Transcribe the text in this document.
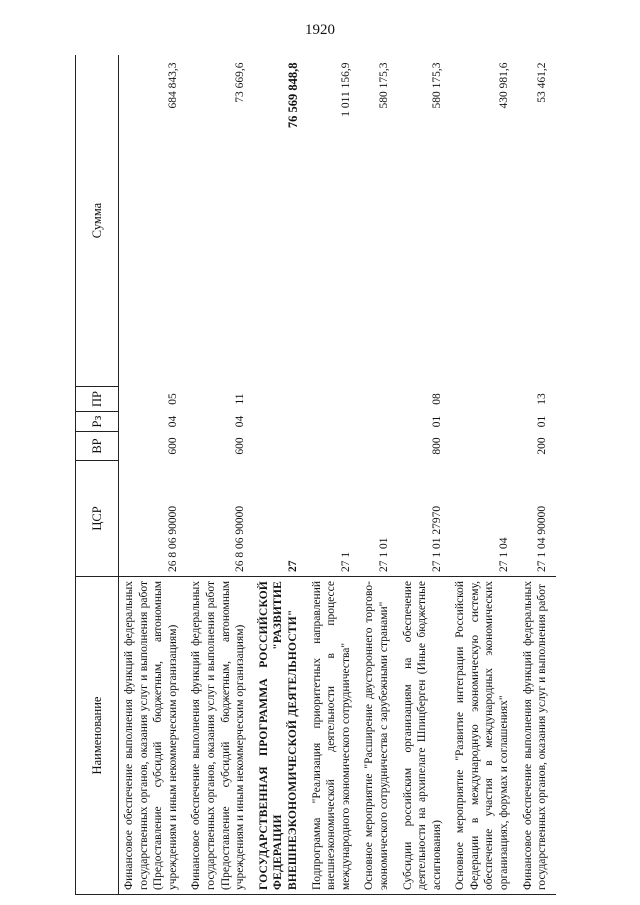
1920
Наименование	ЦСР	ВР	Рз	ПР	Сумма
Финансовое обеспечение выполнения функций федеральных государственных органов, оказания услуг и выполнения работ (Предоставление субсидий бюджетным, автономным учреждениям и иным некоммерческим организациям)	26 8 06 90000	600	04	05	684 843,3
Финансовое обеспечение выполнения функций федеральных государственных органов, оказания услуг и выполнения работ (Предоставление субсидий бюджетным, автономным учреждениям и иным некоммерческим организациям)	26 8 06 90000	600	04	11	73 669,6
ГОСУДАРСТВЕННАЯ ПРОГРАММА РОССИЙСКОЙ ФЕДЕРАЦИИ "РАЗВИТИЕ ВНЕШНЕЭКОНОМИЧЕСКОЙ ДЕЯТЕЛЬНОСТИ"	27				76 569 848,8
Подпрограмма "Реализация приоритетных направлений внешнеэкономической деятельности в процессе международного экономического сотрудничества"	27 1				1 011 156,9
Основное мероприятие "Расширение двустороннего торгово-экономического сотрудничества с зарубежными странами"	27 1 01				580 175,3
Субсидии российским организациям на обеспечение деятельности на архипелаге Шпицберген (Иные бюджетные ассигнования)	27 1 01 27970	800	01	08	580 175,3
Основное мероприятие "Развитие интеграции Российской Федерации в международную экономическую систему, обеспечение участия в международных экономических организациях, форумах и соглашениях"	27 1 04				430 981,6
Финансовое обеспечение выполнения функций федеральных государственных органов, оказания услуг и выполнения работ	27 1 04 90000	200	01	13	53 461,2
